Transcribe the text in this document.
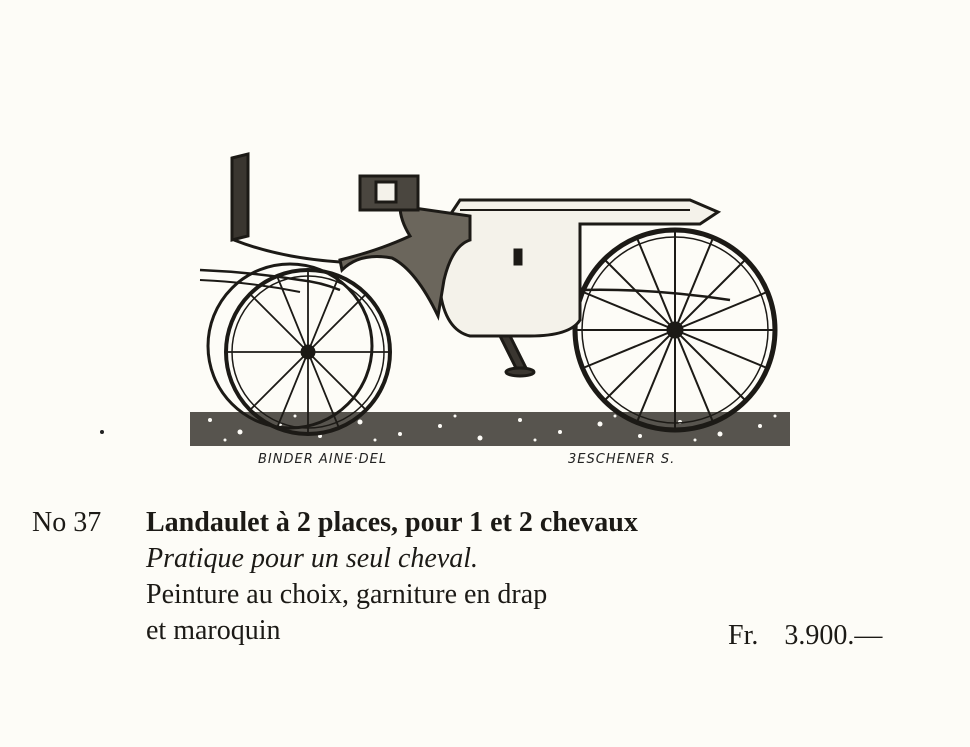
BINDER AINE·DEL	3ESCHENER S.
No 37 Landaulet à 2 places, pour 1 et 2 chevaux
Pratique pour un seul cheval.
Peinture au choix, garniture en drap
et maroquin	Fr. 3.900.—
